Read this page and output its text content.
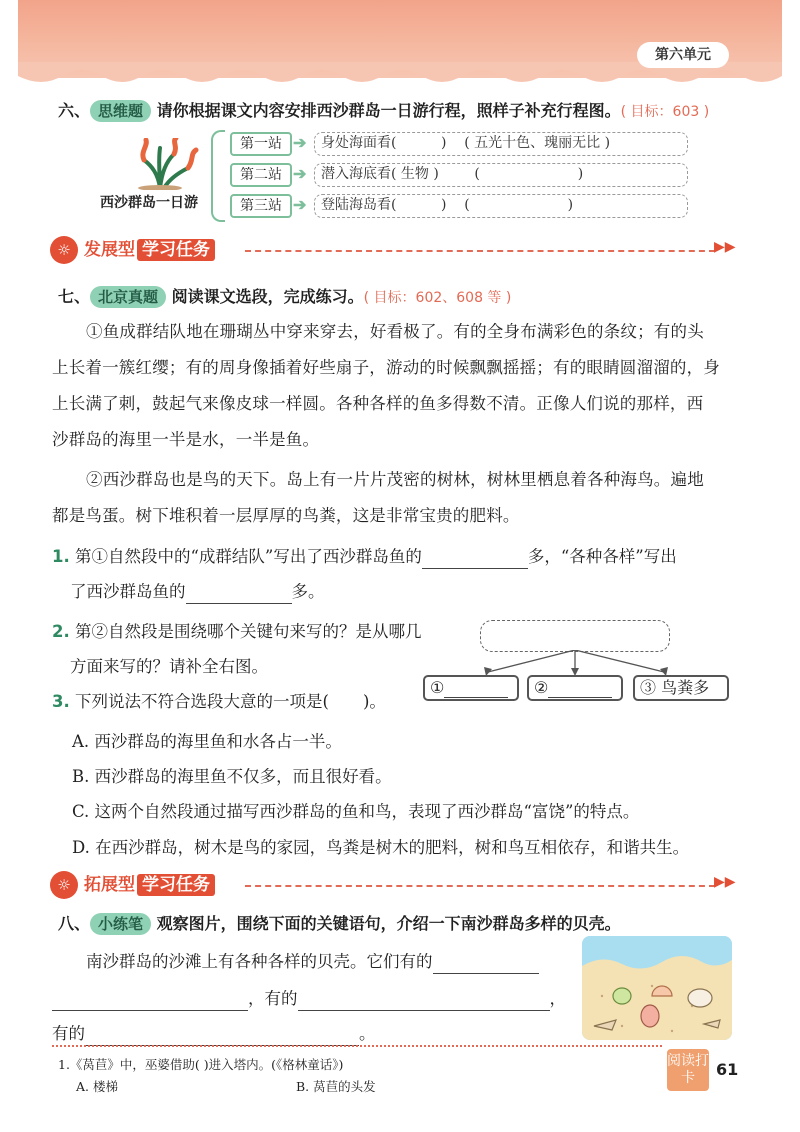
第六单元
六、 思维题 请你根据课文内容安排西沙群岛一日游行程，照样子补充行程图。( 目标：603 )
西沙群岛一日游
第一站 ➔	身处海面看(          )    ( 五光十色、瑰丽无比 )
第二站 ➔	潜入海底看( 生物 )        (                      )
第三站 ➔	登陆海岛看(          )    (                      )
☼ 发展型 学习任务	▶▶
七、 北京真题 阅读课文选段，完成练习。( 目标：602、608 等 )
①鱼成群结队地在珊瑚丛中穿来穿去，好看极了。有的全身布满彩色的条纹；有的头
上长着一簇红缨；有的周身像插着好些扇子，游动的时候飘飘摇摇；有的眼睛圆溜溜的，身
上长满了刺，鼓起气来像皮球一样圆。各种各样的鱼多得数不清。正像人们说的那样，西
沙群岛的海里一半是水，一半是鱼。
②西沙群岛也是鸟的天下。岛上有一片片茂密的树林，树林里栖息着各种海鸟。遍地
都是鸟蛋。树下堆积着一层厚厚的鸟粪，这是非常宝贵的肥料。
1. 第①自然段中的“成群结队”写出了西沙群岛鱼的	多，“各种各样”写出
了西沙群岛鱼的	多。
2. 第②自然段是围绕哪个关键句来写的？是从哪几
方面来写的？请补全右图。
3. 下列说法不符合选段大意的一项是( )。
①	②	③ 鸟粪多
A. 西沙群岛的海里鱼和水各占一半。
B. 西沙群岛的海里鱼不仅多，而且很好看。
C. 这两个自然段通过描写西沙群岛的鱼和鸟，表现了西沙群岛“富饶”的特点。
D. 在西沙群岛，树木是鸟的家园，鸟粪是树木的肥料，树和鸟互相依存，和谐共生。
☼ 拓展型 学习任务	▶▶
八、 小练笔 观察图片，围绕下面的关键语句，介绍一下南沙群岛多样的贝壳。
南沙群岛的沙滩上有各种各样的贝壳。它们有的
，有的	，
有的	。
1.《莴苣》中，巫婆借助( )进入塔内。(《格林童话》)
A. 楼梯	B. 莴苣的头发
阅读打卡	61
